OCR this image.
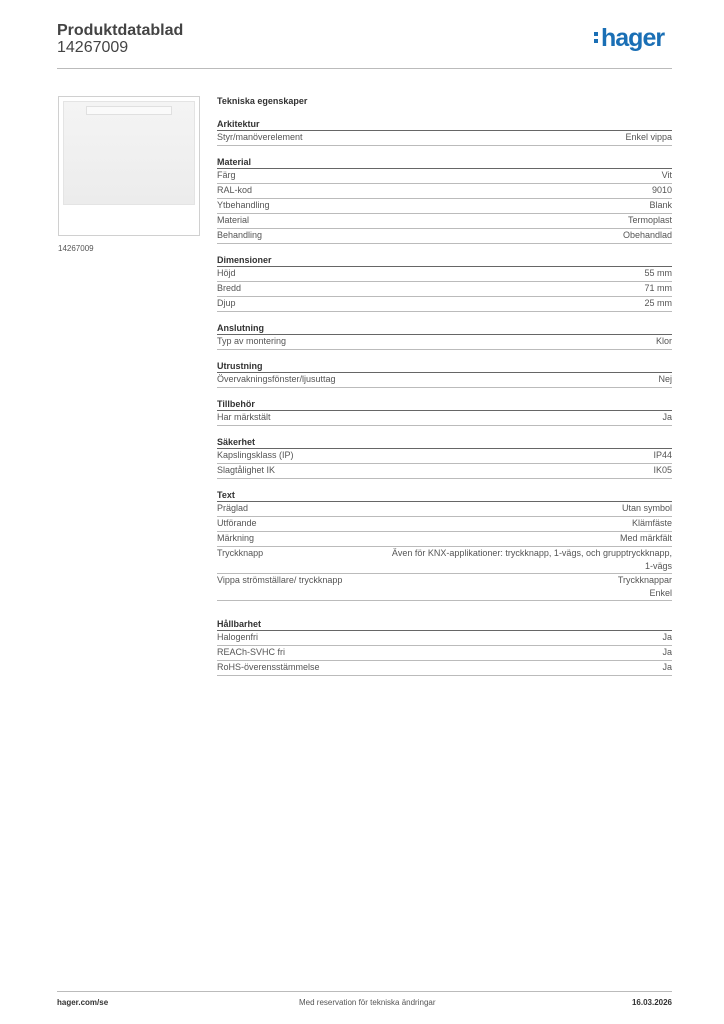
Produktdatablad
14267009	hager
14267009
Tekniska egenskaper
Arkitektur
Styr/manöverelement	Enkel vippa
Material
Färg	Vit
RAL-kod	9010
Ytbehandling	Blank
Material	Termoplast
Behandling	Obehandlad
Dimensioner
Höjd	55 mm
Bredd	71 mm
Djup	25 mm
Anslutning
Typ av montering	Klor
Utrustning
Övervakningsfönster/ljusuttag	Nej
Tillbehör
Har märkstält	Ja
Säkerhet
Kapslingsklass (IP)	IP44
Slagtålighet IK	IK05
Text
Präglad	Utan symbol
Utförande	Klämfäste
Märkning	Med märkfält
Tryckknapp	Även för KNX-applikationer: tryckknapp, 1-vägs, och grupptryckknapp,
1-vägs
Vippa strömställare/ tryckknapp	Tryckknappar
Enkel
Hållbarhet
Halogenfri	Ja
REACh-SVHC fri	Ja
RoHS-överensstämmelse	Ja
hager.com/se	Med reservation för tekniska ändringar	16.03.2026
